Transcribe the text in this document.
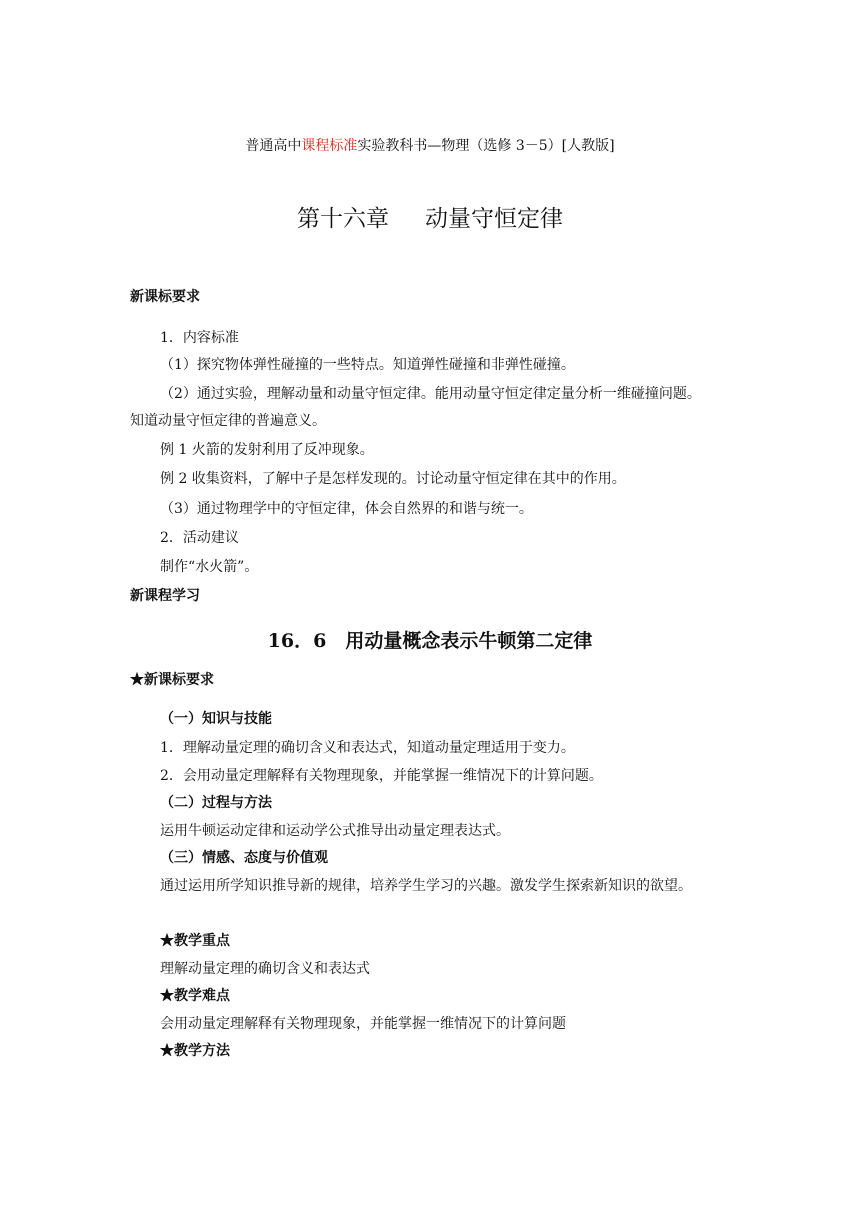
普通高中课程标准实验教科书—物理（选修 3－5）[人教版]
第十六章 动量守恒定律
新课标要求
1．内容标准
（1）探究物体弹性碰撞的一些特点。知道弹性碰撞和非弹性碰撞。
（2）通过实验，理解动量和动量守恒定律。能用动量守恒定律定量分析一维碰撞问题。
知道动量守恒定律的普遍意义。
例 1 火箭的发射利用了反冲现象。
例 2 收集资料，了解中子是怎样发现的。讨论动量守恒定律在其中的作用。
（3）通过物理学中的守恒定律，体会自然界的和谐与统一。
2．活动建议
制作“水火箭”。
新课程学习
16．6　用动量概念表示牛顿第二定律
★新课标要求
（一）知识与技能
1．理解动量定理的确切含义和表达式，知道动量定理适用于变力。
2．会用动量定理解释有关物理现象，并能掌握一维情况下的计算问题。
（二）过程与方法
运用牛顿运动定律和运动学公式推导出动量定理表达式。
（三）情感、态度与价值观
通过运用所学知识推导新的规律，培养学生学习的兴趣。激发学生探索新知识的欲望。
★教学重点
理解动量定理的确切含义和表达式
★教学难点
会用动量定理解释有关物理现象，并能掌握一维情况下的计算问题
★教学方法
